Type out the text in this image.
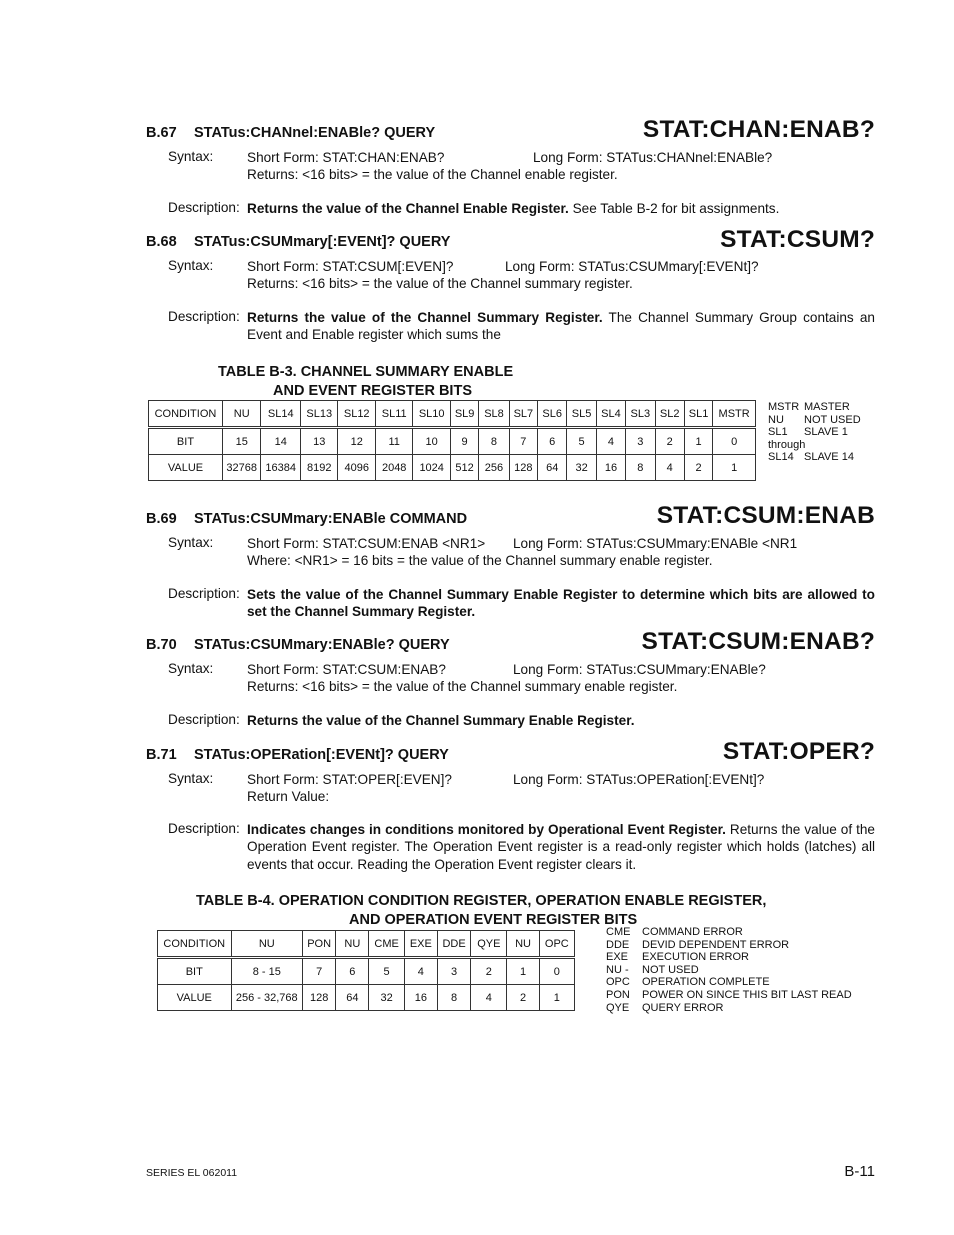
B.67 STATus:CHANnel:ENABle? QUERY	STAT:CHAN:ENAB?
Syntax: Short Form: STAT:CHAN:ENAB?	Long Form: STATus:CHANnel:ENABle?
Returns: <16 bits> = the value of the Channel enable register.
Description: Returns the value of the Channel Enable Register. See Table B-2 for bit assignments.
B.68 STATus:CSUMmary[:EVENt]? QUERY	STAT:CSUM?
Syntax: Short Form: STAT:CSUM[:EVEN]?	Long Form: STATus:CSUMmary[:EVENt]?
Returns: <16 bits> = the value of the Channel summary register.
Description: Returns the value of the Channel Summary Register. The Channel Summary Group contains an Event and Enable register which sums the
TABLE B-3. CHANNEL SUMMARY ENABLE
AND EVENT REGISTER BITS
CONDITION	NU	SL14	SL13	SL12	SL11	SL10	SL9	SL8	SL7	SL6	SL5	SL4	SL3	SL2	SL1	MSTR
BIT	15	14	13	12	11	10	9	8	7	6	5	4	3	2	1	0
VALUE	32768	16384	8192	4096	2048	1024	512	256	128	64	32	16	8	4	2	1
MSTR MASTER
NU NOT USED
SL1 SLAVE 1
through
SL14 SLAVE 14
B.69 STATus:CSUMmary:ENABle COMMAND	STAT:CSUM:ENAB
Syntax: Short Form: STAT:CSUM:ENAB <NR1> Long Form: STATus:CSUMmary:ENABle <NR1
Where: <NR1> = 16 bits = the value of the Channel summary enable register.
Description: Sets the value of the Channel Summary Enable Register to determine which bits are allowed to set the Channel Summary Register.
B.70 STATus:CSUMmary:ENABle? QUERY	STAT:CSUM:ENAB?
Syntax: Short Form: STAT:CSUM:ENAB?	Long Form: STATus:CSUMmary:ENABle?
Returns: <16 bits> = the value of the Channel summary enable register.
Description: Returns the value of the Channel Summary Enable Register.
B.71 STATus:OPERation[:EVENt]? QUERY	STAT:OPER?
Syntax: Short Form: STAT:OPER[:EVEN]?	Long Form: STATus:OPERation[:EVENt]?
Return Value:
Description: Indicates changes in conditions monitored by Operational Event Register. Returns the value of the Operation Event register. The Operation Event register is a read-only register which holds (latches) all events that occur. Reading the Operation Event register clears it.
TABLE B-4. OPERATION CONDITION REGISTER, OPERATION ENABLE REGISTER,
AND OPERATION EVENT REGISTER BITS
CONDITION	NU	PON	NU	CME	EXE	DDE	QYE	NU	OPC
BIT	8 - 15	7	6	5	4	3	2	1	0
VALUE	256 - 32,768	128	64	32	16	8	4	2	1
CME COMMAND ERROR
DDE DEVID DEPENDENT ERROR
EXE EXECUTION ERROR
NU - NOT USED
OPC OPERATION COMPLETE
PON POWER ON SINCE THIS BIT LAST READ
QYE QUERY ERROR
SERIES EL 062011	B-11
